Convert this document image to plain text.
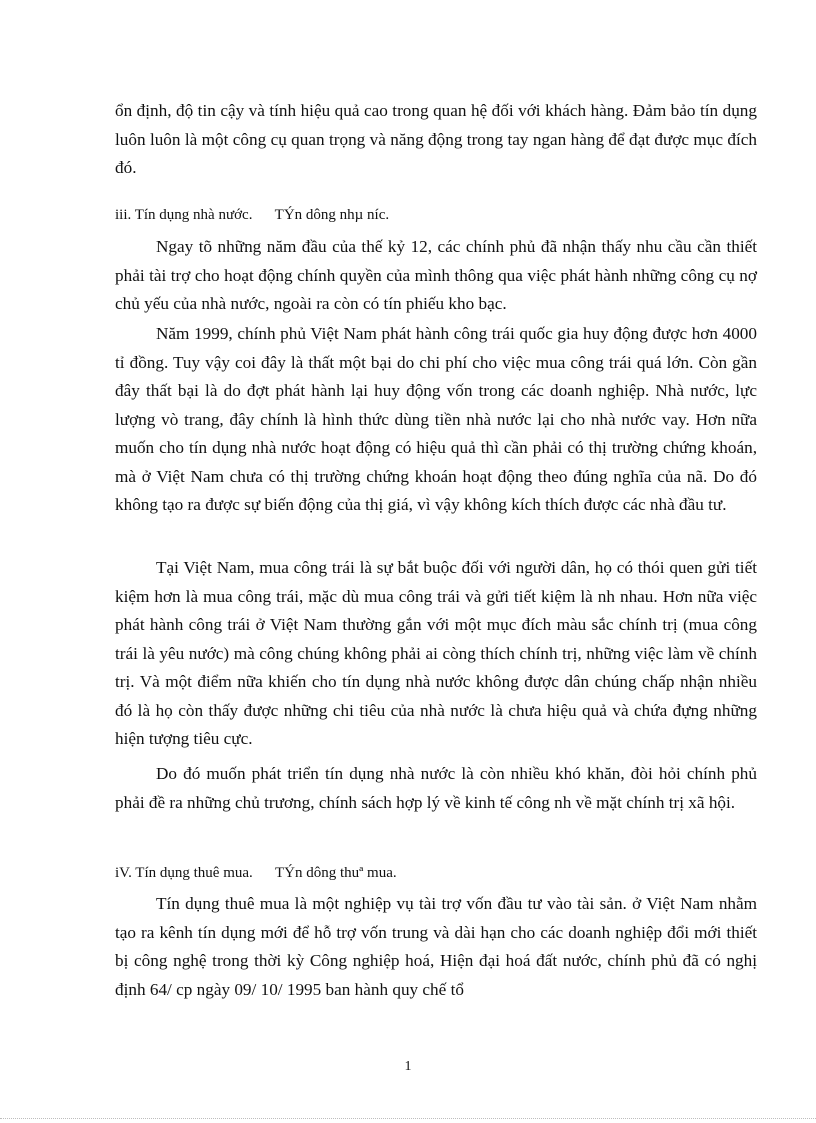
ổn định, độ tin cậy và tính hiệu quả cao trong quan hệ đối với khách hàng. Đảm bảo tín dụng luôn luôn là một công cụ quan trọng và năng động trong tay ngan hàng để đạt được mục đích đó.

iii. Tín dụng nhà nước.      TÝn dông nhµ níc.

Ngay tõ những năm đầu của thế kỷ 12, các chính phủ đã nhận thấy nhu cầu cần thiết phải tài trợ cho hoạt động chính quyền của mình thông qua việc phát hành những công cụ nợ chủ yếu của nhà nước, ngoài ra còn có tín phiếu kho bạc.

Năm 1999, chính phủ Việt Nam phát hành công trái quốc gia huy động được hơn 4000 tỉ đồng. Tuy vậy coi đây là thất một bại do chi phí cho việc mua công trái quá lớn. Còn gần đây thất bại là do đợt phát hành lại huy động vốn trong các doanh nghiệp. Nhà nước, lực lượng vò trang, đây chính là hình thức dùng tiền nhà nước lại cho nhà nước vay. Hơn nữa muốn cho tín dụng nhà nước hoạt động có hiệu quả thì cần phải có thị trường chứng khoán, mà ở Việt Nam chưa có thị trường chứng khoán hoạt động theo đúng nghĩa của nã. Do đó không tạo ra được sự biến động của thị giá, vì vậy không kích thích được các nhà đầu tư.

Tại Việt Nam, mua công trái là sự bắt buộc đối với người dân, họ có thói quen gửi tiết kiệm hơn là mua công trái, mặc dù mua công trái và gửi tiết kiệm là nh nhau. Hơn nữa việc phát hành công trái ở Việt Nam thường gắn với một mục đích màu sắc chính trị (mua công trái là yêu nước) mà công chúng không phải ai còng thích chính trị, những việc làm về chính trị. Và một điểm nữa khiến cho tín dụng nhà nước không được dân chúng chấp nhận nhiều đó là họ còn thấy được những chi tiêu của nhà nước là chưa hiệu quả và chứa đựng những hiện tượng tiêu cực.

Do đó muốn phát triển tín dụng nhà nước là còn nhiều khó khăn, đòi hỏi chính phủ phải đề ra những chủ trương, chính sách hợp lý về kinh tế công nh về mặt chính trị xã hội.

iV. Tín dụng thuê mua.      TÝn dông thuª mua.

Tín dụng thuê mua là một nghiệp vụ tài trợ vốn đầu tư vào tài sản. ở Việt Nam nhằm tạo ra kênh tín dụng mới để hỗ trợ vốn trung và dài hạn cho các doanh nghiệp đổi mới thiết bị công nghệ trong thời kỳ Công nghiệp hoá, Hiện đại hoá đất nước, chính phủ đã có nghị định 64/ cp ngày 09/ 10/ 1995 ban hành quy chế tổ

1
